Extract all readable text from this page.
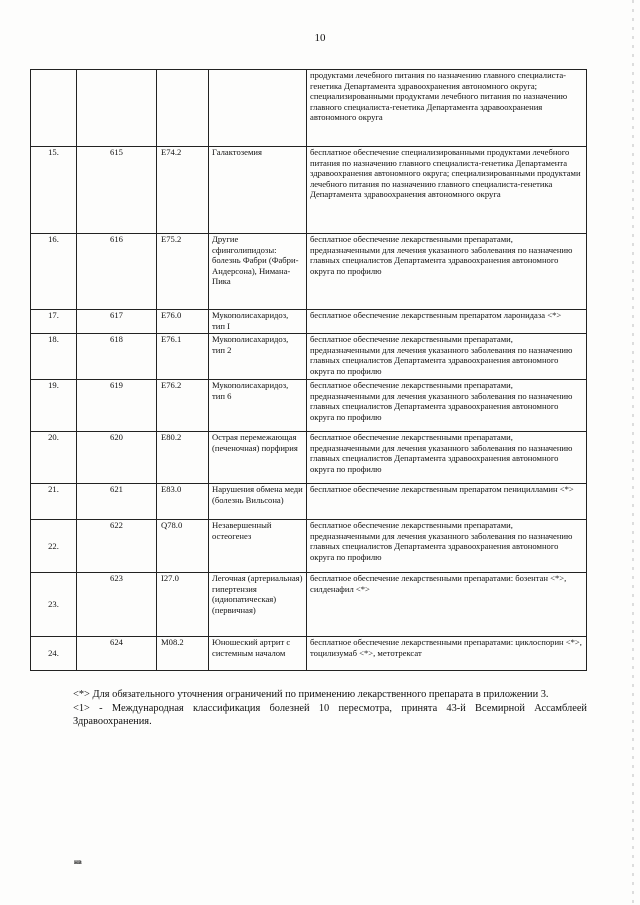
10
				продуктами лечебного питания по назначению главного специалиста-генетика Департамента здравоохранения автономного округа; специализированными продуктами лечебного питания по назначению главного специалиста-генетика Департамента здравоохранения автономного округа
15.	615	E74.2	Галактоземия	бесплатное обеспечение специализированными продуктами лечебного питания по назначению главного специалиста-генетика Департамента здравоохранения автономного округа; специализированными продуктами лечебного питания по назначению главного специалиста-генетика Департамента здравоохранения автономного округа
16.	616	E75.2	Другие сфинголипидозы: болезнь Фабри (Фабри-Андерсона), Нимана-Пика	бесплатное обеспечение лекарственными препаратами, предназначенными для лечения указанного заболевания по назначению главных специалистов Департамента здравоохранения автономного округа по профилю
17.	617	E76.0	Мукополисахаридоз, тип I	бесплатное обеспечение лекарственным препаратом ларонидаза <*>
18.	618	E76.1	Мукополисахаридоз, тип 2	бесплатное обеспечение лекарственными препаратами, предназначенными для лечения указанного заболевания по назначению главных специалистов Департамента здравоохранения автономного округа по профилю
19.	619	E76.2	Мукополисахаридоз, тип 6	бесплатное обеспечение лекарственными препаратами, предназначенными для лечения указанного заболевания по назначению главных специалистов Департамента здравоохранения автономного округа по профилю
20.	620	E80.2	Острая перемежающая (печеночная) порфирия	бесплатное обеспечение лекарственными препаратами, предназначенными для лечения указанного заболевания по назначению главных специалистов Департамента здравоохранения автономного округа по профилю
21.	621	E83.0	Нарушения обмена меди (болезнь Вильсона)	бесплатное обеспечение лекарственным препаратом пеницилламин <*>
22.	622	Q78.0	Незавершенный остеогенез	бесплатное обеспечение лекарственными препаратами, предназначенными для лечения указанного заболевания по назначению главных специалистов Департамента здравоохранения автономного округа по профилю
23.	623	I27.0	Легочная (артериальная) гипертензия (идиопатическая) (первичная)	бесплатное обеспечение лекарственными препаратами: бозентан <*>, силденафил <*>
24.	624	M08.2	Юношеский артрит с системным началом	бесплатное обеспечение лекарственными препаратами: циклоспорин <*>, тоцилизумаб <*>, метотрексат

<*> Для обязательного уточнения ограничений по применению лекарственного препарата в приложении 3.

<1> - Международная классификация болезней 10 пересмотра, принята 43-й Всемирной Ассамблеей Здравоохранения.

нв
